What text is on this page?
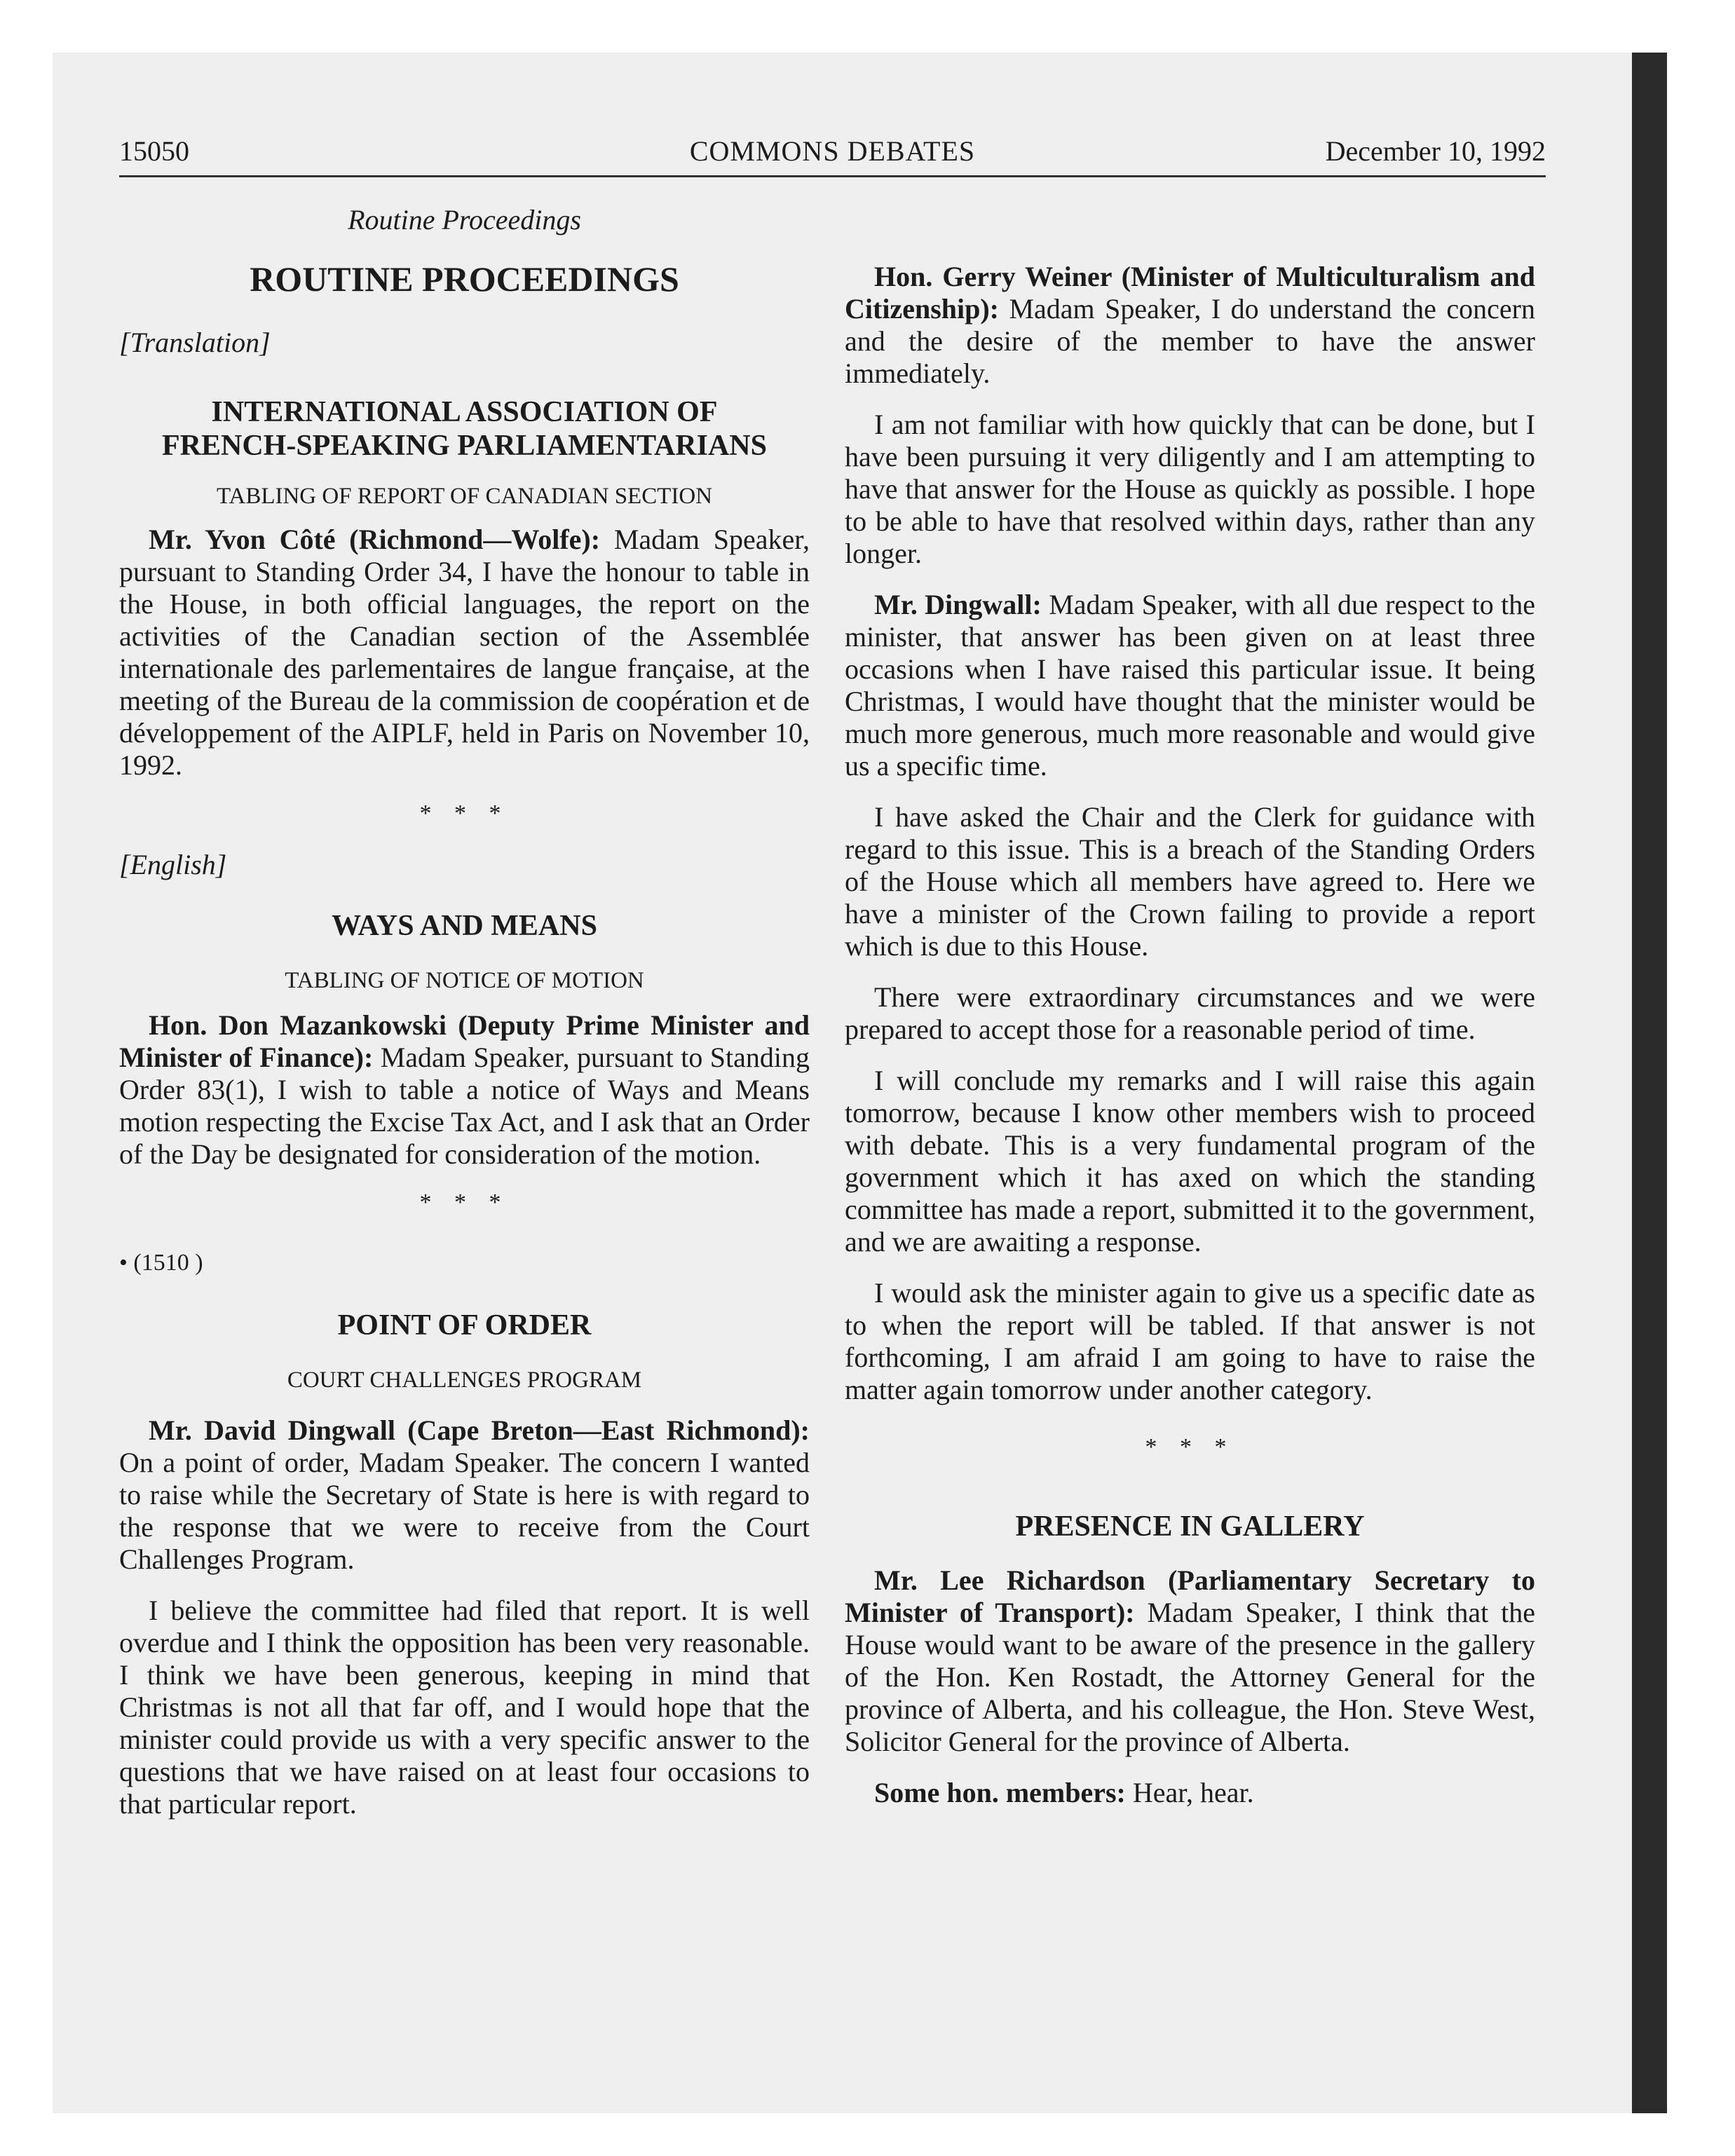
15050	COMMONS DEBATES	December 10, 1992

Routine Proceedings

ROUTINE PROCEEDINGS

[Translation]

INTERNATIONAL ASSOCIATION OF

FRENCH-SPEAKING PARLIAMENTARIANS

TABLING OF REPORT OF CANADIAN SECTION

Mr. Yvon Côté (Richmond—Wolfe): Madam Speaker, pursuant to Standing Order 34, I have the honour to table in the House, in both official languages, the report on the activities of the Canadian section of the Assemblée internationale des parlementaires de langue française, at the meeting of the Bureau de la commission de coopération et de développement of the AIPLF, held in Paris on November 10, 1992.

* * *

[English]

WAYS AND MEANS

TABLING OF NOTICE OF MOTION

Hon. Don Mazankowski (Deputy Prime Minister and Minister of Finance): Madam Speaker, pursuant to Standing Order 83(1), I wish to table a notice of Ways and Means motion respecting the Excise Tax Act, and I ask that an Order of the Day be designated for consideration of the motion.

* * *

• (1510 )

POINT OF ORDER

COURT CHALLENGES PROGRAM

Mr. David Dingwall (Cape Breton—East Richmond): On a point of order, Madam Speaker. The concern I wanted to raise while the Secretary of State is here is with regard to the response that we were to receive from the Court Challenges Program.

I believe the committee had filed that report. It is well overdue and I think the opposition has been very reasonable. I think we have been generous, keeping in mind that Christmas is not all that far off, and I would hope that the minister could provide us with a very specific answer to the questions that we have raised on at least four occasions to that particular report.

Hon. Gerry Weiner (Minister of Multiculturalism and Citizenship): Madam Speaker, I do understand the concern and the desire of the member to have the answer immediately.

I am not familiar with how quickly that can be done, but I have been pursuing it very diligently and I am attempting to have that answer for the House as quickly as possible. I hope to be able to have that resolved within days, rather than any longer.

Mr. Dingwall: Madam Speaker, with all due respect to the minister, that answer has been given on at least three occasions when I have raised this particular issue. It being Christmas, I would have thought that the minister would be much more generous, much more reasonable and would give us a specific time.

I have asked the Chair and the Clerk for guidance with regard to this issue. This is a breach of the Standing Orders of the House which all members have agreed to. Here we have a minister of the Crown failing to provide a report which is due to this House.

There were extraordinary circumstances and we were prepared to accept those for a reasonable period of time.

I will conclude my remarks and I will raise this again tomorrow, because I know other members wish to proceed with debate. This is a very fundamental program of the government which it has axed on which the standing committee has made a report, submitted it to the government, and we are awaiting a response.

I would ask the minister again to give us a specific date as to when the report will be tabled. If that answer is not forthcoming, I am afraid I am going to have to raise the matter again tomorrow under another category.

* * *

PRESENCE IN GALLERY

Mr. Lee Richardson (Parliamentary Secretary to Minister of Transport): Madam Speaker, I think that the House would want to be aware of the presence in the gallery of the Hon. Ken Rostadt, the Attorney General for the province of Alberta, and his colleague, the Hon. Steve West, Solicitor General for the province of Alberta.

Some hon. members: Hear, hear.
